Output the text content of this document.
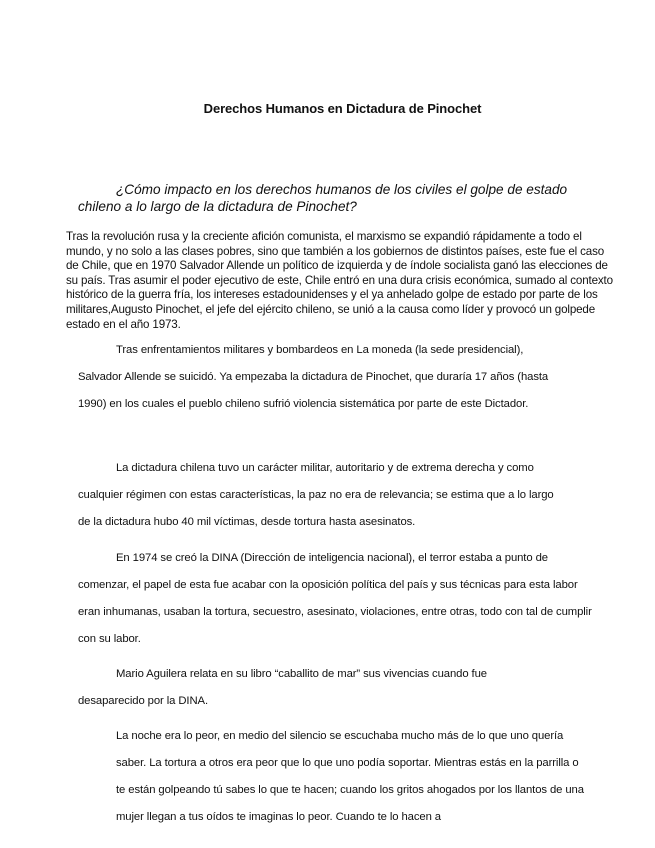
Derechos Humanos en Dictadura de Pinochet
¿Cómo impacto en los derechos humanos de los civiles el golpe de estado chileno a lo largo de la dictadura de Pinochet?
Tras la revolución rusa y la creciente afición comunista, el marxismo se expandió rápidamente a todo el mundo, y no solo a las clases pobres, sino que también a los gobiernos de distintos países, este fue el caso de Chile, que en 1970 Salvador Allende un político de izquierda y de índole socialista ganó las elecciones de su país. Tras asumir el poder ejecutivo de este, Chile entró en una dura crisis económica, sumado al contexto histórico de la guerra fría, los intereses estadounidenses y el ya anhelado golpe de estado por parte de los militares,Augusto Pinochet, el jefe del ejército chileno, se unió a la causa como líder y provocó un golpede estado en el año 1973.
Tras enfrentamientos militares y bombardeos en La moneda (la sede presidencial), Salvador Allende se suicidó. Ya empezaba la dictadura de Pinochet, que duraría 17 años (hasta 1990) en los cuales el pueblo chileno sufrió violencia sistemática por parte de este Dictador.
La dictadura chilena tuvo un carácter militar, autoritario y de extrema derecha y como cualquier régimen con estas características, la paz no era de relevancia; se estima que a lo largo de la dictadura hubo 40 mil víctimas, desde tortura hasta asesinatos.
En 1974 se creó la DINA (Dirección de inteligencia nacional), el terror estaba a punto de comenzar, el papel de esta fue acabar con la oposición política del país y sus técnicas para esta labor eran inhumanas, usaban la tortura, secuestro, asesinato, violaciones, entre otras, todo con tal de cumplir con su labor.
Mario Aguilera relata en su libro “caballito de mar” sus vivencias cuando fue desaparecido por la DINA.
La noche era lo peor, en medio del silencio se escuchaba mucho más de lo que uno quería saber. La tortura a otros era peor que lo que uno podía soportar. Mientras estás en la parrilla o te están golpeando tú sabes lo que te hacen; cuando los gritos ahogados por los llantos de una mujer llegan a tus oídos te imaginas lo peor. Cuando te lo hacen a
